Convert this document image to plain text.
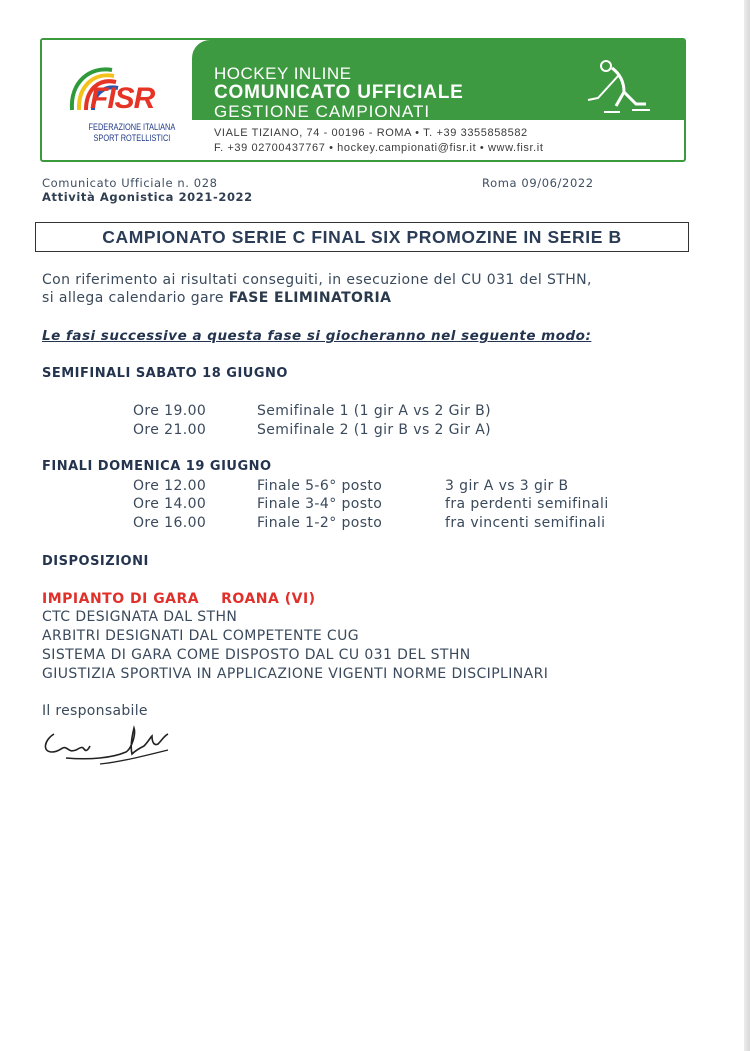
FISR
FEDERAZIONE ITALIANA
SPORT ROTELLISTICI
HOCKEY INLINE
COMUNICATO UFFICIALE
GESTIONE CAMPIONATI
VIALE TIZIANO, 74 - 00196 - ROMA • T. +39 3355858582
F. +39 02700437767 • hockey.campionati@fisr.it • www.fisr.it
Comunicato Ufficiale n. 028
Attività Agonistica 2021-2022
Roma 09/06/2022
CAMPIONATO SERIE C FINAL SIX PROMOZINE IN SERIE B
Con riferimento ai risultati conseguiti, in esecuzione del CU 031 del STHN,
si allega calendario gare FASE ELIMINATORIA
Le fasi successive a questa fase si giocheranno nel seguente modo:
SEMIFINALI SABATO 18 GIUGNO
Ore 19.00	Semifinale 1 (1 gir A vs 2 Gir B)
Ore 21.00	Semifinale 2 (1 gir B vs 2 Gir A)
FINALI DOMENICA 19 GIUGNO
Ore 12.00	Finale 5-6° posto	3 gir A vs 3 gir B
Ore 14.00	Finale 3-4° posto	fra perdenti semifinali
Ore 16.00	Finale 1-2° posto	fra vincenti semifinali
DISPOSIZIONI
IMPIANTO DI GARA ROANA (VI)
CTC DESIGNATA DAL STHN
ARBITRI DESIGNATI DAL COMPETENTE CUG
SISTEMA DI GARA COME DISPOSTO DAL CU 031 DEL STHN
GIUSTIZIA SPORTIVA IN APPLICAZIONE VIGENTI NORME DISCIPLINARI
Il responsabile
